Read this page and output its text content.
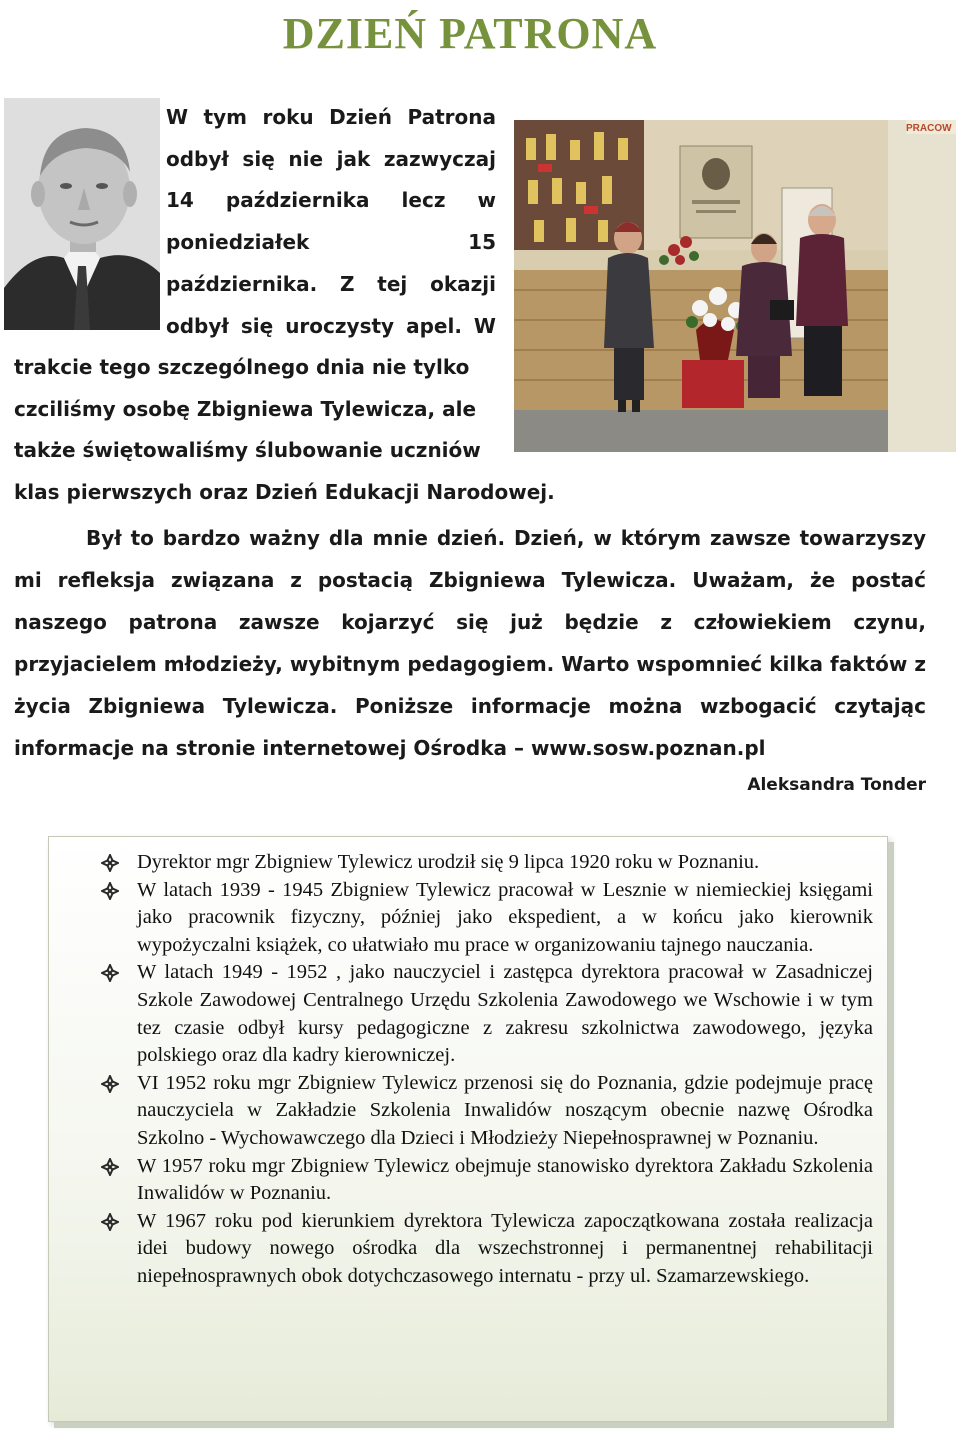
DZIEŃ PATRONA
PRACOW
W tym roku Dzień Patrona odbył się nie jak zazwyczaj 14 października lecz w poniedziałek 15 października. Z tej okazji odbył się uroczysty apel. W
trakcie tego szczególnego dnia nie tylko
czciliśmy osobę Zbigniewa Tylewicza, ale
także świętowaliśmy ślubowanie uczniów
klas pierwszych oraz Dzień Edukacji Narodowej.

Był to bardzo ważny dla mnie dzień. Dzień, w którym zawsze towarzyszy mi refleksja związana z postacią Zbigniewa Tylewicza. Uważam, że postać naszego patrona zawsze kojarzyć się już będzie z człowiekiem czynu, przyjacielem młodzieży, wybitnym pedagogiem. Warto wspomnieć kilka faktów z życia Zbigniewa Tylewicza. Poniższe informacje można wzbogacić czytając informacje na stronie internetowej Ośrodka – www.sosw.poznan.pl

Aleksandra Tonder
Dyrektor mgr Zbigniew Tylewicz urodził się 9 lipca 1920 roku w Poznaniu.
W latach 1939 - 1945 Zbigniew Tylewicz pracował w Lesznie w niemieckiej księgami jako pracownik fizyczny, później jako ekspedient, a w końcu jako kierownik wypożyczalni książek, co ułatwiało mu prace w organizowaniu tajnego nauczania.
W latach 1949 - 1952 , jako nauczyciel i zastępca dyrektora pracował w Zasadniczej Szkole Zawodowej Centralnego Urzędu Szkolenia Zawodowego we Wschowie i w tym tez czasie odbył kursy pedagogiczne z zakresu szkolnictwa zawodowego, języka polskiego oraz dla kadry kierowniczej.
VI 1952 roku mgr Zbigniew Tylewicz przenosi się do Poznania, gdzie podejmuje pracę nauczyciela w Zakładzie Szkolenia Inwalidów noszącym obecnie nazwę Ośrodka Szkolno - Wychowawczego dla Dzieci i Młodzieży Niepełnosprawnej w Poznaniu.
W 1957 roku mgr Zbigniew Tylewicz obejmuje stanowisko dyrektora Zakładu Szkolenia Inwalidów w Poznaniu.
W 1967 roku pod kierunkiem dyrektora Tylewicza zapoczątkowana została realizacja idei budowy nowego ośrodka dla wszechstronnej i permanentnej rehabilitacji niepełnosprawnych obok dotychczasowego internatu - przy ul. Szamarzewskiego.
